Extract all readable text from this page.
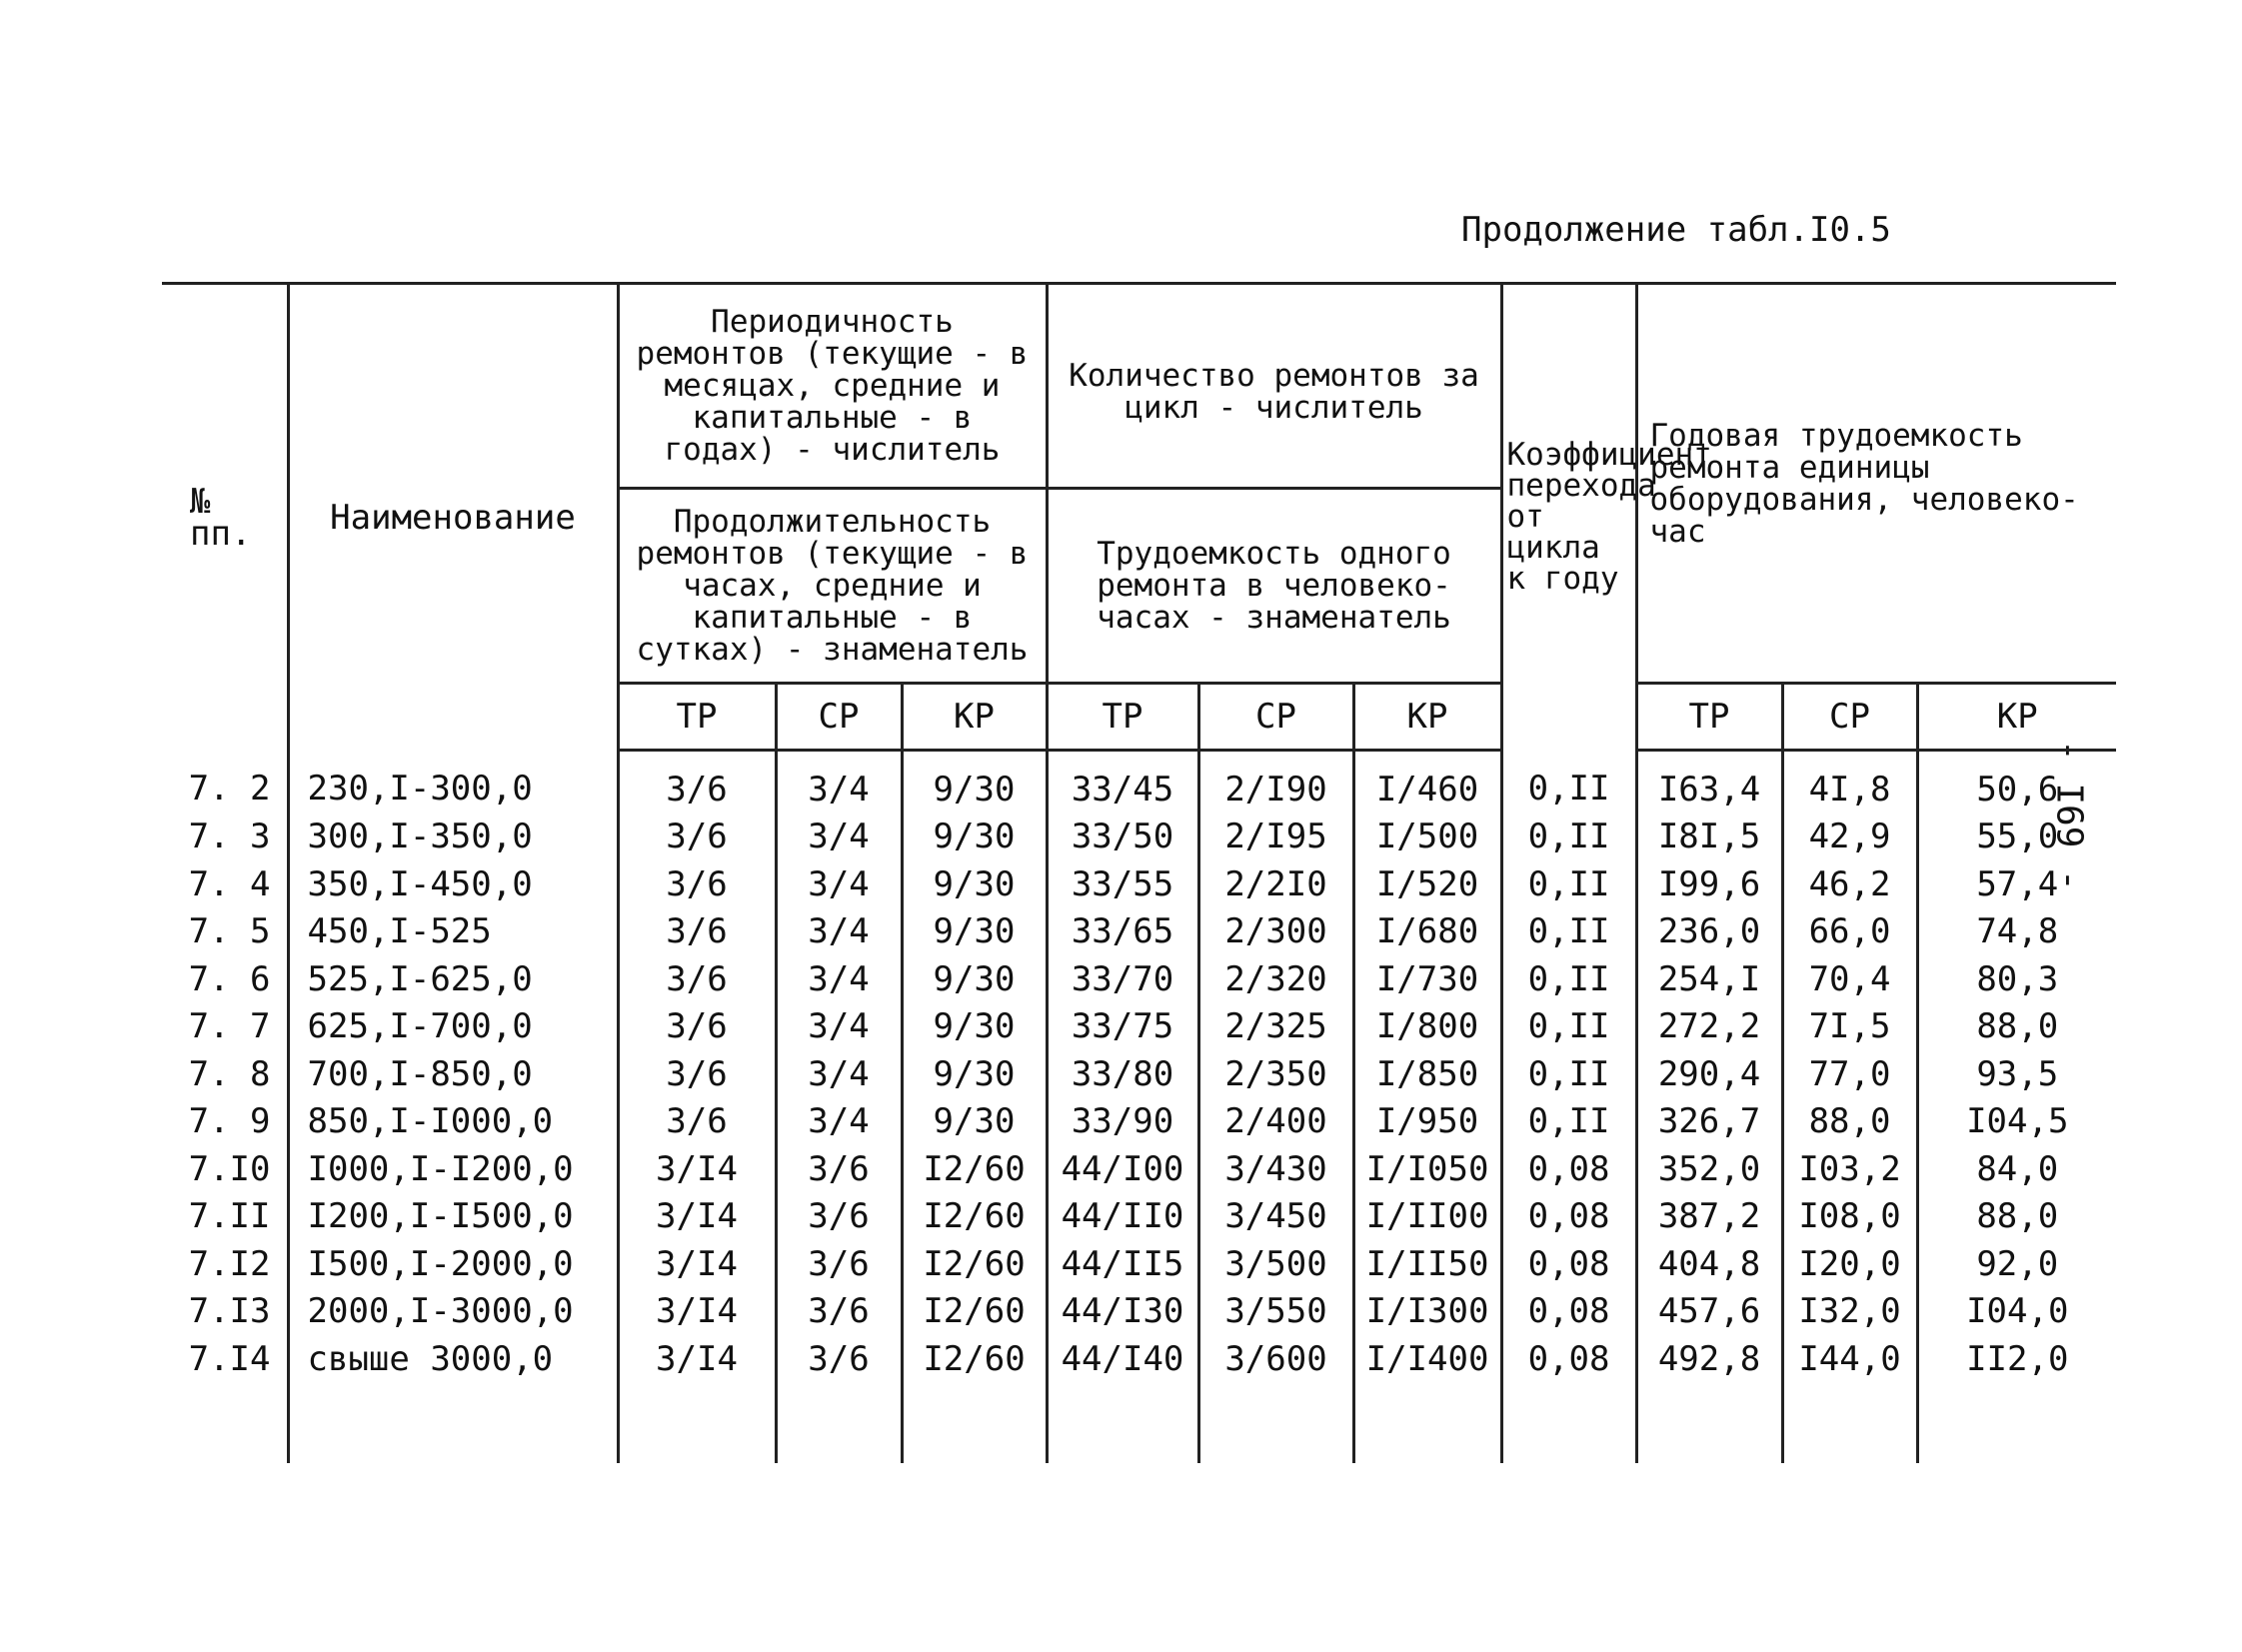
Продолжение табл.I0.5
- I69 -
№ пп.	Наименование	Периодичность ремонтов (текущие - в месяцах, средние и капитальные - в годах) - числитель			Количество ремонтов за цикл - числитель			Коэффициент перехода от цикла к году	Годовая трудоемкость ремонта единицы оборудования, человеко-час		
		Продолжительность ремонтов (текущие - в часах, средние и капитальные - в сутках) - знаменатель			Трудоемкость одного ремонта в человеко-часах - знаменатель						
		ТР	СР	КР	ТР	СР	КР		ТР	СР	КР
7. 2	230,I-300,0	3/6	3/4	9/30	33/45	2/I90	I/460	0,II	I63,4	4I,8	50,6
7. 3	300,I-350,0	3/6	3/4	9/30	33/50	2/I95	I/500	0,II	I8I,5	42,9	55,0
7. 4	350,I-450,0	3/6	3/4	9/30	33/55	2/2I0	I/520	0,II	I99,6	46,2	57,4
7. 5	450,I-525	3/6	3/4	9/30	33/65	2/300	I/680	0,II	236,0	66,0	74,8
7. 6	525,I-625,0	3/6	3/4	9/30	33/70	2/320	I/730	0,II	254,I	70,4	80,3
7. 7	625,I-700,0	3/6	3/4	9/30	33/75	2/325	I/800	0,II	272,2	7I,5	88,0
7. 8	700,I-850,0	3/6	3/4	9/30	33/80	2/350	I/850	0,II	290,4	77,0	93,5
7. 9	850,I-I000,0	3/6	3/4	9/30	33/90	2/400	I/950	0,II	326,7	88,0	I04,5
7.I0	I000,I-I200,0	3/I4	3/6	I2/60	44/I00	3/430	I/I050	0,08	352,0	I03,2	84,0
7.II	I200,I-I500,0	3/I4	3/6	I2/60	44/II0	3/450	I/II00	0,08	387,2	I08,0	88,0
7.I2	I500,I-2000,0	3/I4	3/6	I2/60	44/II5	3/500	I/II50	0,08	404,8	I20,0	92,0
7.I3	2000,I-3000,0	3/I4	3/6	I2/60	44/I30	3/550	I/I300	0,08	457,6	I32,0	I04,0
7.I4	свыше 3000,0	3/I4	3/6	I2/60	44/I40	3/600	I/I400	0,08	492,8	I44,0	II2,0
